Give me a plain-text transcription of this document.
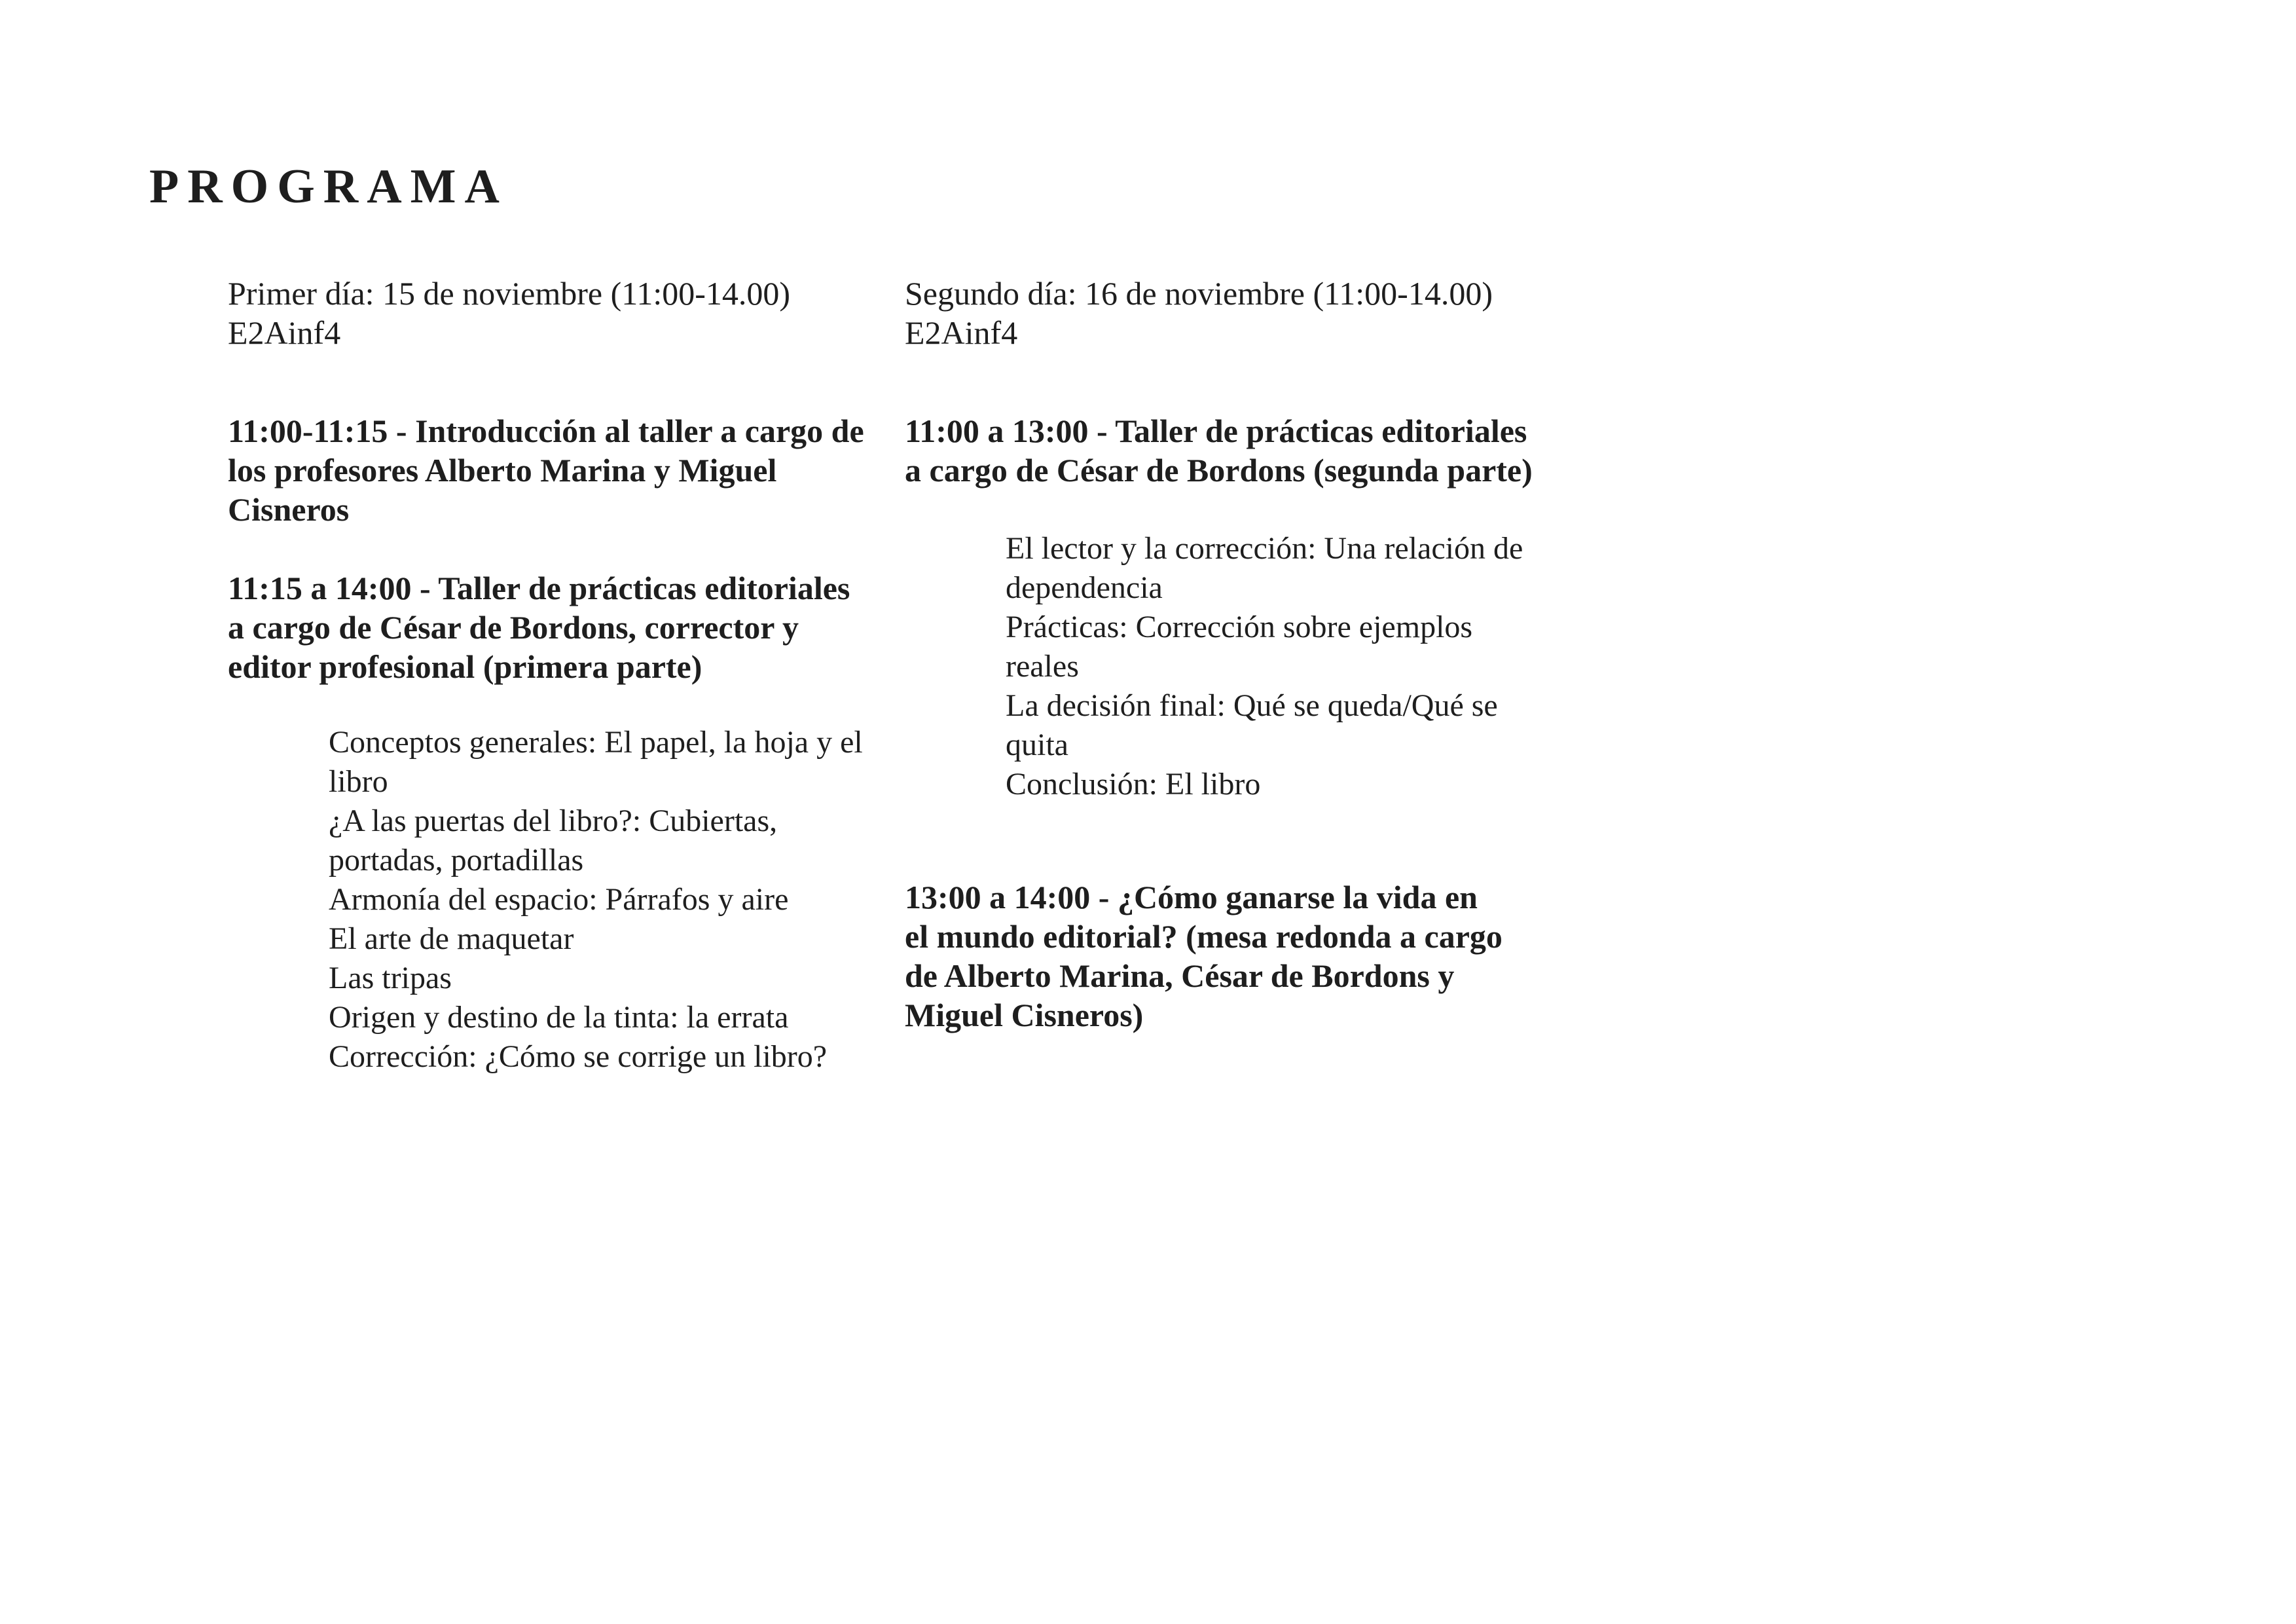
PROGRAMA

Primer día: 15 de noviembre (11:00-14.00)
E2Ainf4

11:00-11:15 - Introducción al taller a cargo de los profesores Alberto Marina y Miguel Cisneros

11:15 a 14:00 - Taller de prácticas editoriales a cargo de César de Bordons, corrector y editor profesional (primera parte)

Conceptos generales: El papel, la hoja y el libro
¿A las puertas del libro?: Cubiertas, portadas, portadillas
Armonía del espacio: Párrafos y aire
El arte de maquetar
Las tripas
Origen y destino de la tinta: la errata
Corrección: ¿Cómo se corrige un libro?

Segundo día: 16 de noviembre (11:00-14.00)
E2Ainf4

11:00 a 13:00 - Taller de prácticas editoriales a cargo de César de Bordons (segunda parte)

El lector y la corrección: Una relación de dependencia
Prácticas: Corrección sobre ejemplos reales
La decisión final: Qué se queda/Qué se quita
Conclusión: El libro

13:00 a 14:00 - ¿Cómo ganarse la vida en el mundo editorial? (mesa redonda a cargo de Alberto Marina, César de Bordons y Miguel Cisneros)
